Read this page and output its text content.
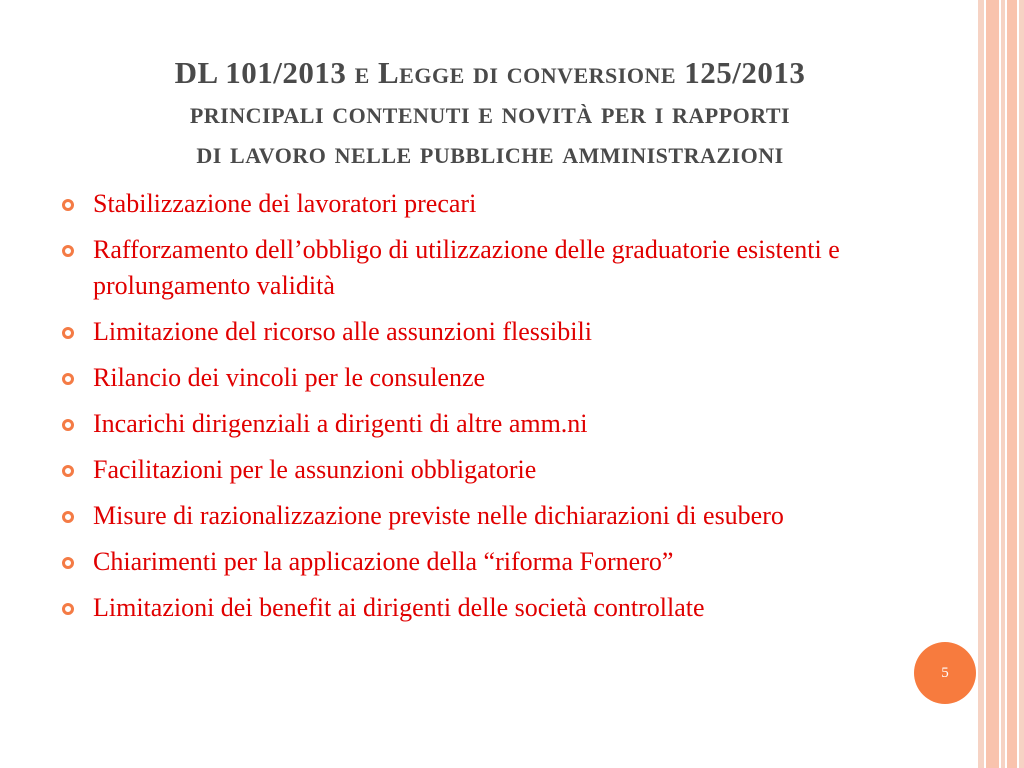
DL 101/2013 e Legge di conversione 125/2013
principali contenuti e novità per i rapporti
di lavoro nelle pubbliche amministrazioni
Stabilizzazione dei lavoratori precari
Rafforzamento dell’obbligo di utilizzazione delle graduatorie esistenti e prolungamento validità
Limitazione del ricorso alle assunzioni flessibili
Rilancio dei vincoli per le consulenze
Incarichi dirigenziali a dirigenti di altre amm.ni
Facilitazioni per le assunzioni obbligatorie
Misure di razionalizzazione previste nelle dichiarazioni di esubero
Chiarimenti per la applicazione della “riforma Fornero”
Limitazioni dei benefit ai dirigenti delle società controllate
5
